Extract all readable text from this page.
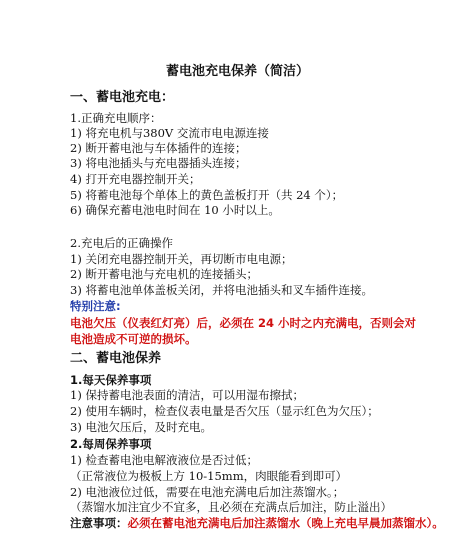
蓄电池充电保养（简洁）
一、蓄电池充电：
1.正确充电顺序：
1) 将充电机与380V 交流市电电源连接
2) 断开蓄电池与车体插件的连接；
3) 将电池插头与充电器插头连接；
4) 打开充电器控制开关；
5) 将蓄电池每个单体上的黄色盖板打开（共 24 个）；
6) 确保充蓄电池电时间在 10 小时以上。
2.充电后的正确操作
1) 关闭充电器控制开关，再切断市电电源；
2) 断开蓄电池与充电机的连接插头；
3) 将蓄电池单体盖板关闭，并将电池插头和叉车插件连接。
特别注意:
电池欠压（仪表红灯亮）后，必须在 24 小时之内充满电，否则会对
电池造成不可逆的损坏。
二、蓄电池保养
1.每天保养事项
1) 保持蓄电池表面的清洁，可以用湿布擦拭；
2) 使用车辆时，检查仪表电量是否欠压（显示红色为欠压）；
3) 电池欠压后，及时充电。
2.每周保养事项
1) 检查蓄电池电解液液位是否过低；
（正常液位为极板上方 10-15mm，肉眼能看到即可）
2) 电池液位过低，需要在电池充满电后加注蒸馏水。；
（蒸馏水加注宜少不宜多，且必须在充满点后加注，防止溢出）
注意事项：必须在蓄电池充满电后加注蒸馏水（晚上充电早晨加蒸馏水）。
